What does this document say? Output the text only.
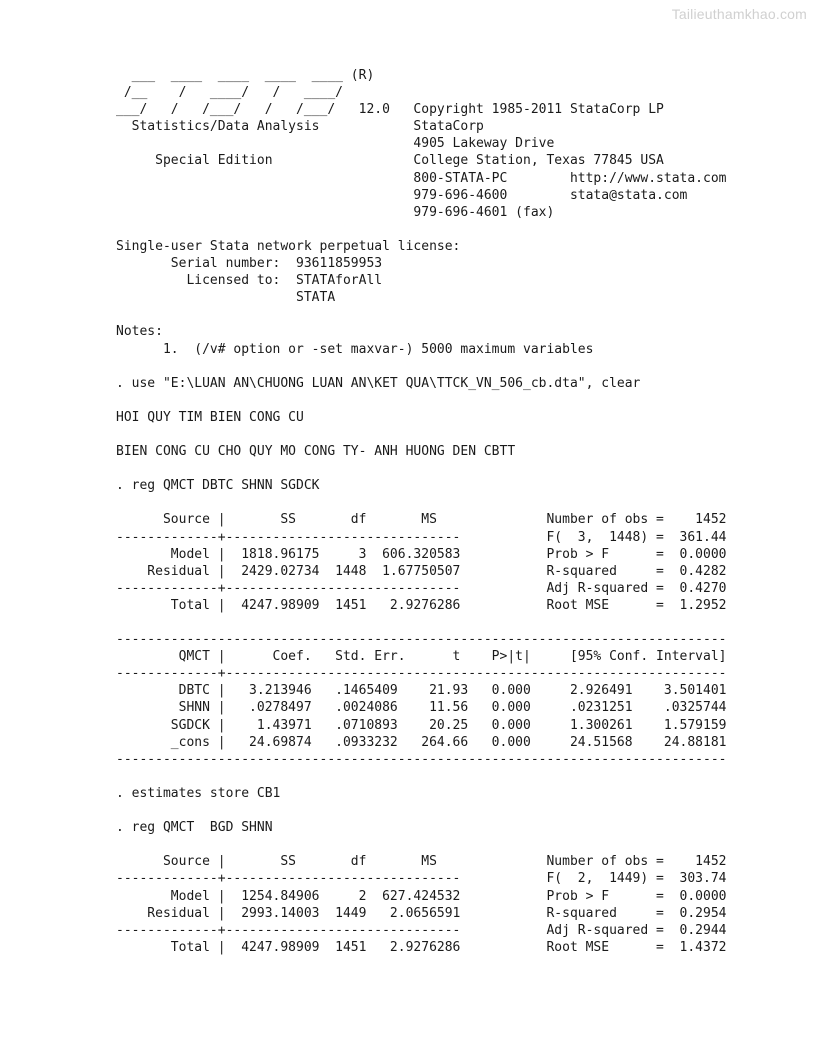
Tailieuthamkhao.com
___  ____  ____  ____  ____ (R)
/__    /   ____/   /   ____/
___/   /   /___/   /   /___/   12.0   Copyright 1985-2011 StataCorp LP
Statistics/Data Analysis            StataCorp
4905 Lakeway Drive
Special Edition                  College Station, Texas 77845 USA
800-STATA-PC        http://www.stata.com
979-696-4600        stata@stata.com
979-696-4601 (fax)
Single-user Stata network perpetual license:
Serial number:  93611859953
Licensed to:  STATAforAll
STATA
Notes:
1.  (/v# option or -set maxvar-) 5000 maximum variables
. use "E:\LUAN AN\CHUONG LUAN AN\KET QUA\TTCK_VN_506_cb.dta", clear
HOI QUY TIM BIEN CONG CU
BIEN CONG CU CHO QUY MO CONG TY- ANH HUONG DEN CBTT
. reg QMCT DBTC SHNN SGDCK
Source |       SS       df       MS              Number of obs =    1452
-------------+------------------------------           F(  3,  1448) =  361.44
Model |  1818.96175     3  606.320583           Prob > F      =  0.0000
Residual |  2429.02734  1448  1.67750507           R-squared     =  0.4282
-------------+------------------------------           Adj R-squared =  0.4270
Total |  4247.98909  1451   2.9276286           Root MSE      =  1.2952
------------------------------------------------------------------------------
QMCT |      Coef.   Std. Err.      t    P>|t|     [95% Conf. Interval]
-------------+----------------------------------------------------------------
DBTC |   3.213946   .1465409    21.93   0.000     2.926491    3.501401
SHNN |   .0278497   .0024086    11.56   0.000     .0231251    .0325744
SGDCK |    1.43971   .0710893    20.25   0.000     1.300261    1.579159
_cons |   24.69874   .0933232   264.66   0.000     24.51568    24.88181
------------------------------------------------------------------------------
. estimates store CB1
. reg QMCT  BGD SHNN
Source |       SS       df       MS              Number of obs =    1452
-------------+------------------------------           F(  2,  1449) =  303.74
Model |  1254.84906     2  627.424532           Prob > F      =  0.0000
Residual |  2993.14003  1449   2.0656591           R-squared     =  0.2954
-------------+------------------------------           Adj R-squared =  0.2944
Total |  4247.98909  1451   2.9276286           Root MSE      =  1.4372
